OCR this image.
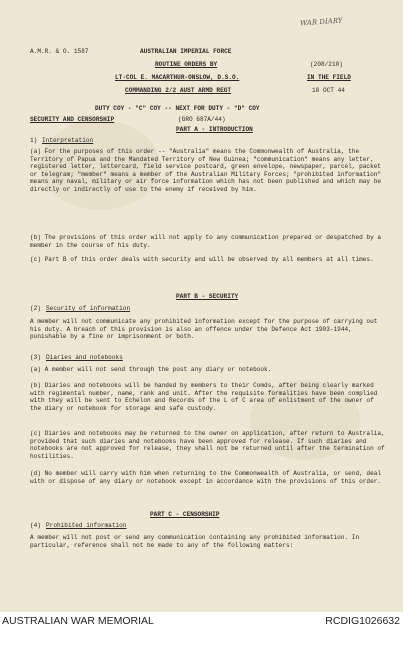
WAR DIARY
A.M.R. & O. 1587	AUSTRALIAN IMPERIAL FORCE
ROUTINE ORDERS BY
LT-COL E. MACARTHUR-ONSLOW, D.S.O.
COMMANDING 2/2 AUST ARMD REGT
(208/210)
IN THE FIELD
18 OCT 44
DUTY COY - "C" COY -- NEXT FOR DUTY - "D" COY
SECURITY AND CENSORSHIP	(GRO 687A/44)
PART A - INTRODUCTION
1) Interpretation
(a) For the purposes of this order -- "Australia" means the Commonwealth of Australia, the Territory of Papua and the Mandated Territory of New Guinea; "communication" means any letter, registered letter, lettercard, field service postcard, green envelope, newspaper, parcel, packet or telegram; "member" means a member of the Australian Military Forces; "prohibited information" means any naval, military or air force information which has not been published and which may be directly or indirectly of use to the enemy if received by him.
(b) The provisions of this order will not apply to any communication prepared or despatched by a member in the course of his duty.
(c) Part B of this order deals with security and will be observed by all members at all times.
PART B - SECURITY
(2) Security of information
A member will not communicate any prohibited information except for the purpose of carrying out his duty. A breach of this provision is also an offence under the Defence Act 1903-1944, punishable by a fine or imprisonment or both.
(3) Diaries and notebooks
(a) A member will not send through the post any diary or notebook.
(b) Diaries and notebooks will be handed by members to their Comds, after being clearly marked with regimental number, name, rank and unit. After the requisite formalities have been complied with they will be sent to Echelon and Records of the L of C area of enlistment of the owner of the diary or notebook for storage and safe custody.
(c) Diaries and notebooks may be returned to the owner on application, after return to Australia, provided that such diaries and notebooks have been approved for release. If such diaries and notebooks are not approved for release, they shall not be returned until after the termination of hostilities.
(d) No member will carry with him when returning to the Commonwealth of Australia, or send, deal with or dispose of any diary or notebook except in accordance with the provisions of this order.
PART C - CENSORSHIP
(4) Prohibited information
A member will not post or send any communication containing any prohibited information. In particular, reference shall not be made to any of the following matters:
AUSTRALIAN WAR MEMORIAL	RCDIG1026632
